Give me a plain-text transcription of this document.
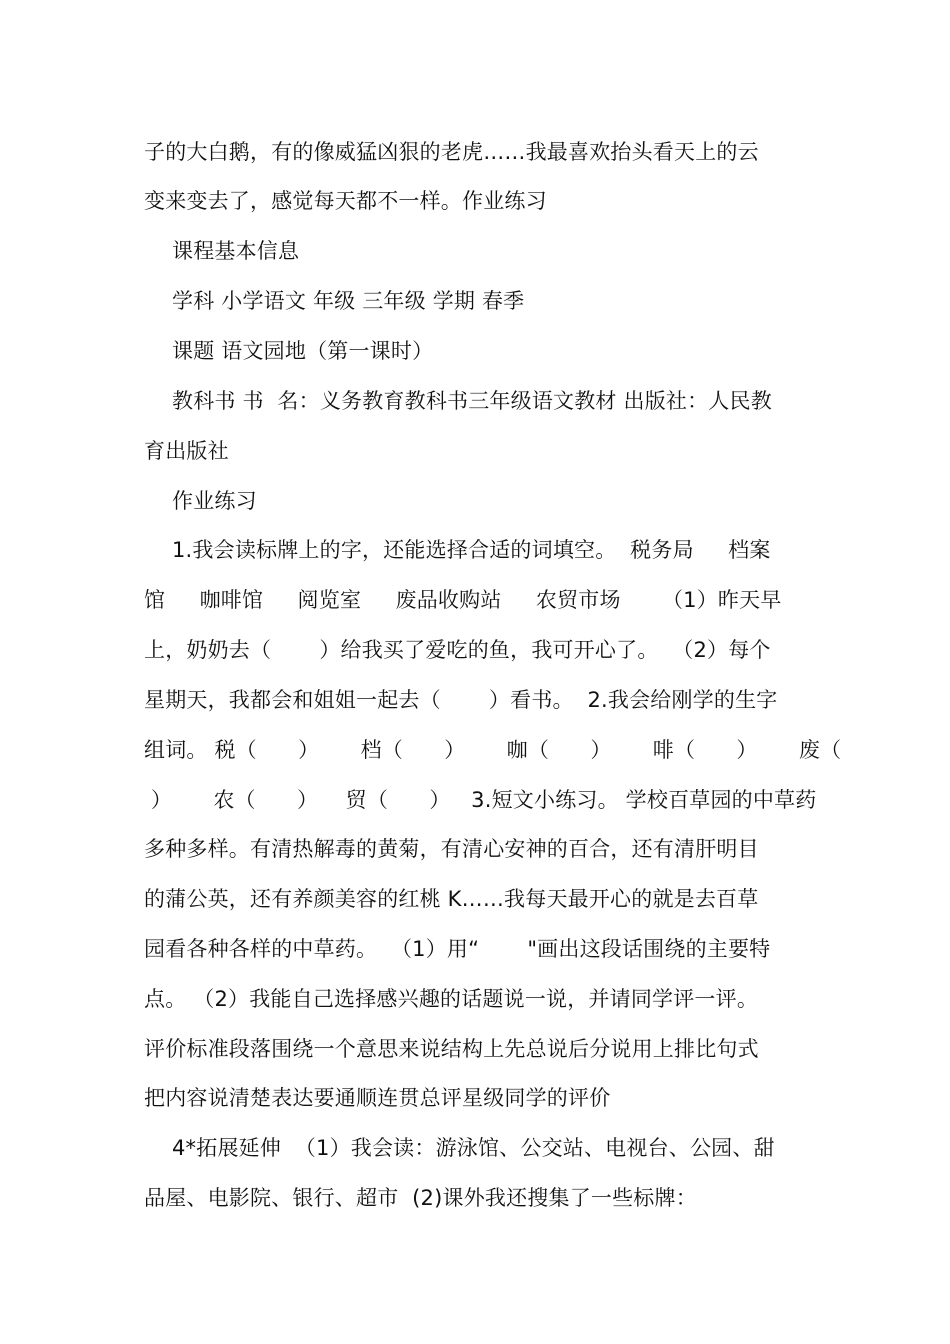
子的大白鹅，有的像威猛凶狠的老虎……我最喜欢抬头看天上的云
变来变去了，感觉每天都不一样。作业练习
课程基本信息
学科 小学语文 年级 三年级 学期 春季
课题 语文园地（第一课时）
教科书 书  名：义务教育教科书三年级语文教材 出版社：人民教
育出版社
作业练习
1.我会读标牌上的字，还能选择合适的词填空。  税务局     档案
馆     咖啡馆     阅览室     废品收购站     农贸市场      （1）昨天早
上，奶奶去（       ）给我买了爱吃的鱼，我可开心了。  （2）每个
星期天，我都会和姐姐一起去（       ）看书。  2.我会给刚学的生字
组词。 税（      ）      档（      ）      咖（      ）      啡（      ）      废（
）      农（      ）    贸（      ）   3.短文小练习。 学校百草园的中草药
多种多样。有清热解毒的黄菊，有清心安神的百合，还有清肝明目
的蒲公英，还有养颜美容的红桃 K……我每天最开心的就是去百草
园看各种各样的中草药。  （1）用“       "画出这段话围绕的主要特
点。 （2）我能自己选择感兴趣的话题说一说，并请同学评一评。
评价标准段落围绕一个意思来说结构上先总说后分说用上排比句式
把内容说清楚表达要通顺连贯总评星级同学的评价
4*拓展延伸  （1）我会读：游泳馆、公交站、电视台、公园、甜
品屋、电影院、银行、超市  (2)课外我还搜集了一些标牌：
